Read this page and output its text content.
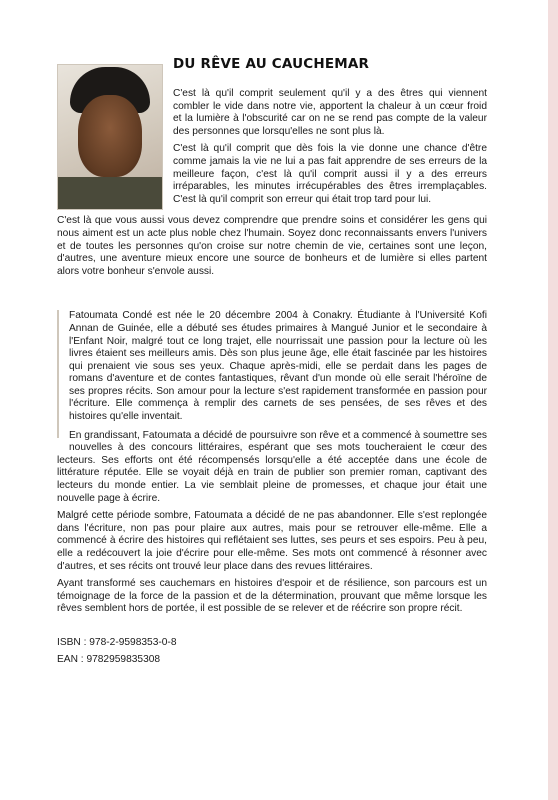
DU RÊVE AU CAUCHEMAR

C'est là qu'il comprit seulement qu'il y a des êtres qui viennent combler le vide dans notre vie, apportent la chaleur à un cœur froid et la lumière à l'obscurité car on ne se rend pas compte de la valeur des personnes que lorsqu'elles ne sont plus là.

C'est là qu'il comprit que dès fois la vie donne une chance d'être comme jamais la vie ne lui a pas fait apprendre de ses erreurs de la meilleure façon, c'est là qu'il comprit aussi il y a des erreurs irréparables, les minutes irrécupérables des êtres irremplaçables. C'est là qu'il comprit son erreur qui était trop tard pour lui.

C'est là que vous aussi vous devez comprendre que prendre soins et considérer les gens qui nous aiment est un acte plus noble chez l'humain. Soyez donc reconnaissants envers l'univers et de toutes les personnes qu'on croise sur notre chemin de vie, certaines sont une leçon, d'autres, une aventure mieux encore une source de bonheurs et de lumière si elles partent alors votre bonheur s'envole aussi.

Fatoumata Condé est née le 20 décembre 2004 à Conakry. Étudiante à l'Université Kofi Annan de Guinée, elle a débuté ses études primaires à Mangué Junior et le secondaire à l'Enfant Noir, malgré tout ce long trajet, elle nourrissait une passion pour la lecture où les livres étaient ses meilleurs amis. Dès son plus jeune âge, elle était fascinée par les histoires qui prenaient vie sous ses yeux. Chaque après-midi, elle se perdait dans les pages de romans d'aventure et de contes fantastiques, rêvant d'un monde où elle serait l'héroïne de ses propres récits. Son amour pour la lecture s'est rapidement transformée en passion pour l'écriture. Elle commença à remplir des carnets de ses pensées, de ses rêves et des histoires qu'elle inventait.

En grandissant, Fatoumata a décidé de poursuivre son rêve et a commencé à soumettre ses nouvelles à des concours littéraires, espérant que ses mots toucheraient le cœur des lecteurs. Ses efforts ont été récompensés lorsqu'elle a été acceptée dans une école de littérature réputée. Elle se voyait déjà en train de publier son premier roman, captivant des lecteurs du monde entier. La vie semblait pleine de promesses, et chaque jour était une nouvelle page à écrire.

Malgré cette période sombre, Fatoumata a décidé de ne pas abandonner. Elle s'est replongée dans l'écriture, non pas pour plaire aux autres, mais pour se retrouver elle-même. Elle a commencé à écrire des histoires qui reflétaient ses luttes, ses peurs et ses espoirs. Peu à peu, elle a redécouvert la joie d'écrire pour elle-même. Ses mots ont commencé à résonner avec d'autres, et ses récits ont trouvé leur place dans des revues littéraires.

Ayant transformé ses cauchemars en histoires d'espoir et de résilience, son parcours est un témoignage de la force de la passion et de la détermination, prouvant que même lorsque les rêves semblent hors de portée, il est possible de se relever et de réécrire son propre récit.

ISBN : 978-2-9598353-0-8
EAN : 9782959835308
